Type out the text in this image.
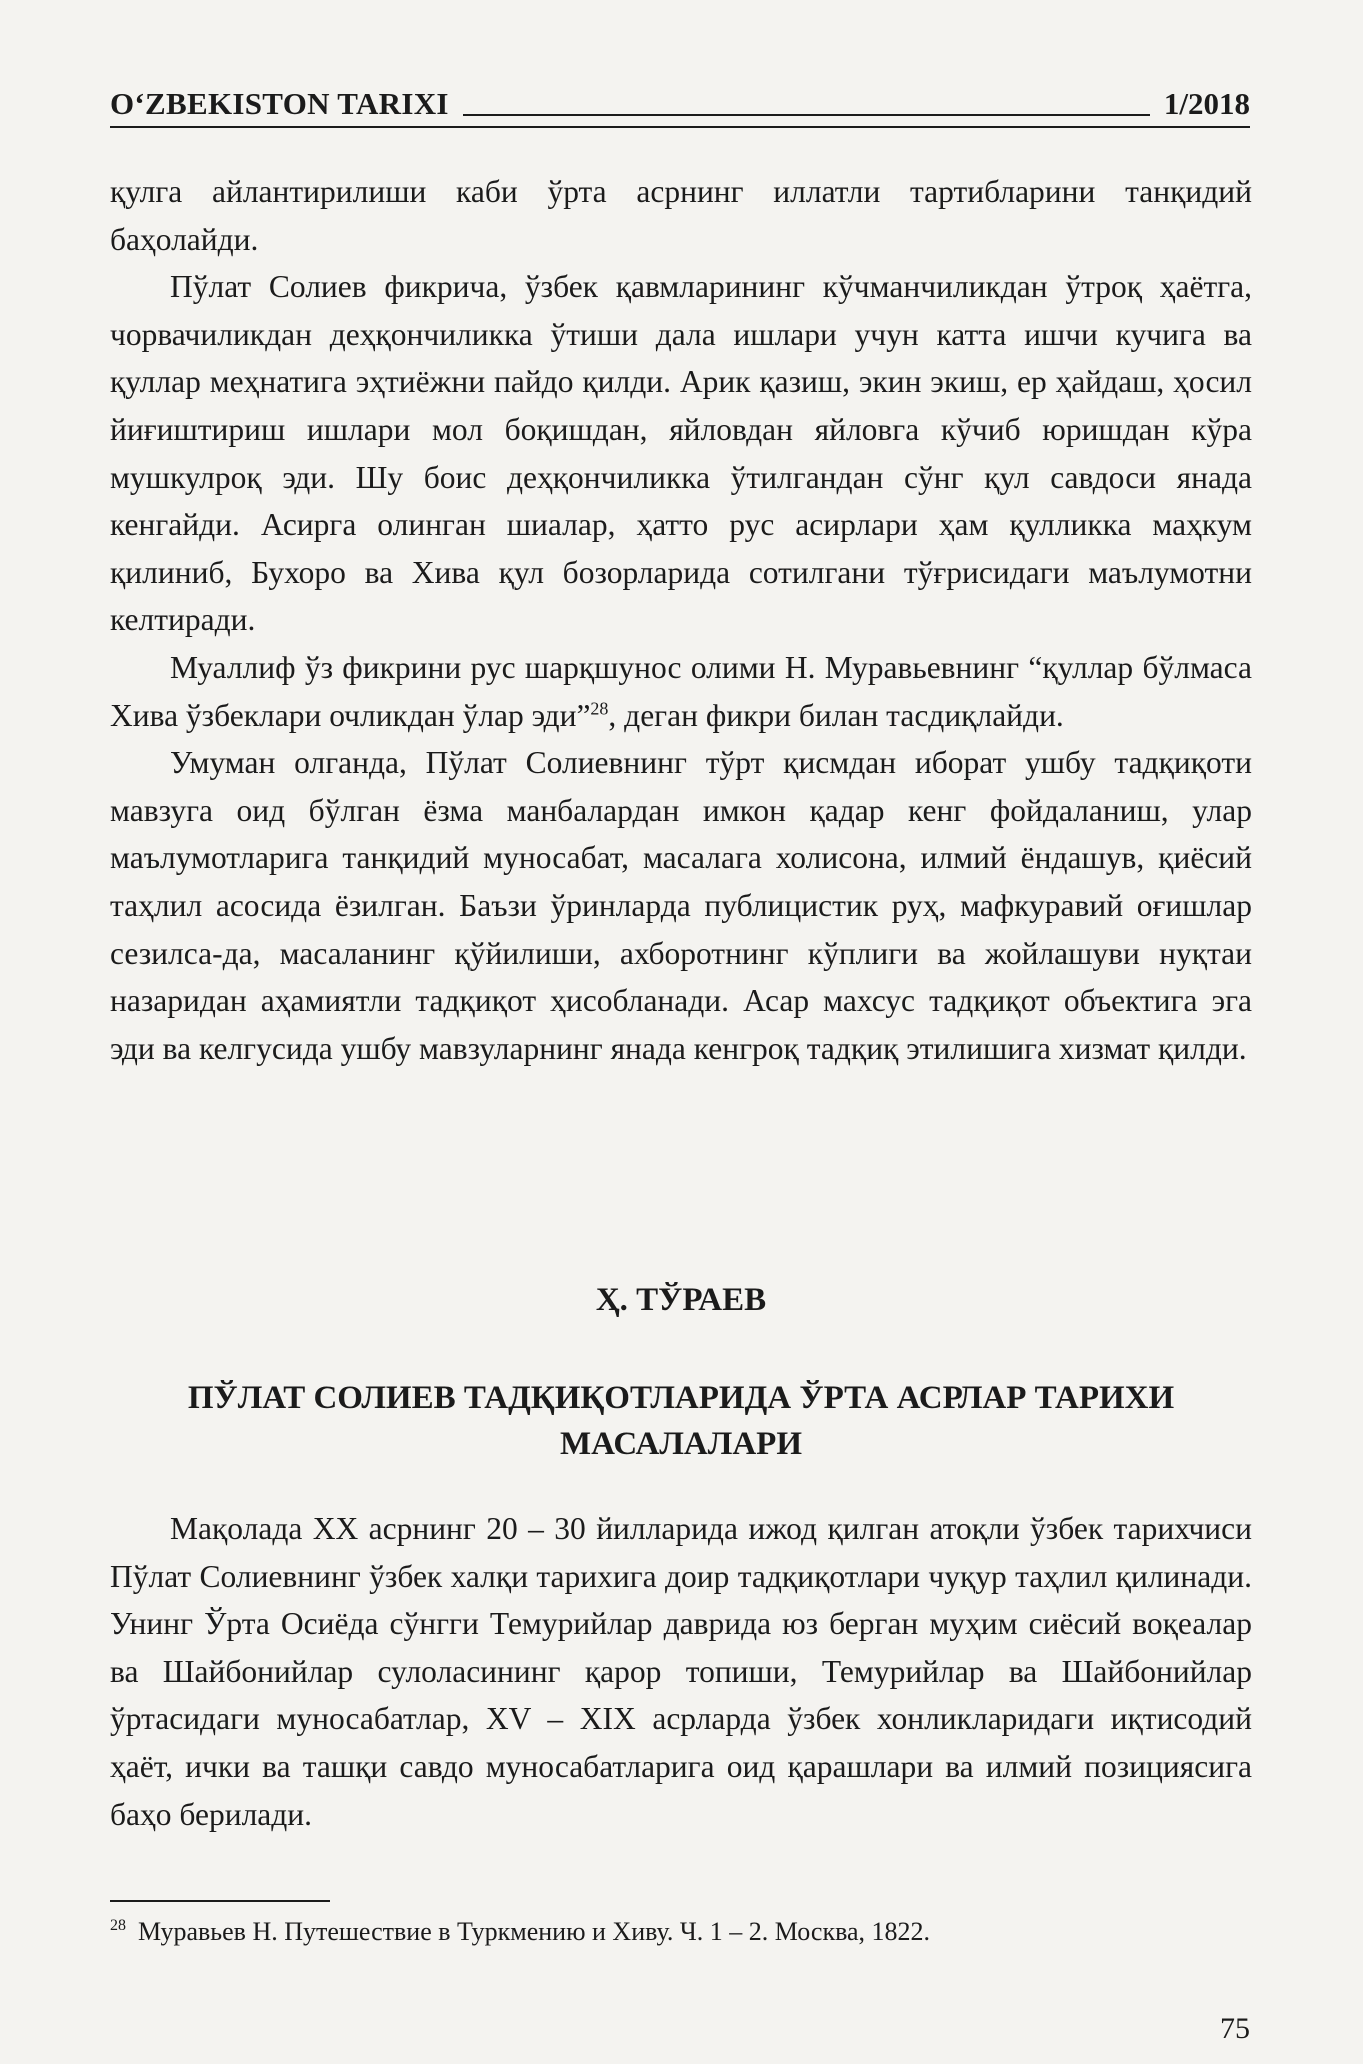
O‘ZBEKISTON TARIXI	1/2018

қулга айлантирилиши каби ўрта асрнинг иллатли тартибларини танқидий баҳолайди.

Пўлат Солиев фикрича, ўзбек қавмларининг кўчманчиликдан ўтроқ ҳаётга, чорвачиликдан деҳқончиликка ўтиши дала ишлари учун катта ишчи кучига ва қуллар меҳнатига эҳтиёжни пайдо қилди. Арик қазиш, экин экиш, ер ҳайдаш, ҳосил йиғиштириш ишлари мол боқишдан, яйловдан яйловга кўчиб юришдан кўра мушкулроқ эди. Шу боис деҳқончиликка ўтилгандан сўнг қул савдоси янада кенгайди. Асирга олинган шиалар, ҳатто рус асирлари ҳам қулликка маҳкум қилиниб, Бухоро ва Хива қул бозорларида сотилгани тўғрисидаги маълумотни келтиради.

Муаллиф ўз фикрини рус шарқшунос олими Н. Муравьевнинг “қуллар бўлмаса Хива ўзбеклари очликдан ўлар эди”$^{28}$, деган фикри билан тасдиқлайди.

Умуман олганда, Пўлат Солиевнинг тўрт қисмдан иборат ушбу тадқиқоти мавзуга оид бўлган ёзма манбалардан имкон қадар кенг фойдаланиш, улар маълумотларига танқидий муносабат, масалага холисона, илмий ёндашув, қиёсий таҳлил асосида ёзилган. Баъзи ўринларда публицистик руҳ, мафкуравий оғишлар сезилса-да, масаланинг қўйилиши, ахборотнинг кўплиги ва жойлашуви нуқтаи назаридан аҳамиятли тадқиқот ҳисобланади. Асар махсус тадқиқот объектига эга эди ва келгусида ушбу мавзуларнинг янада кенгроқ тадқиқ этилишига хизмат қилди.

Ҳ. ТЎРАЕВ
ПЎЛАТ СОЛИЕВ ТАДҚИҚОТЛАРИДА ЎРТА АСРЛАР ТАРИХИ МАСАЛАЛАРИ

Мақолада XX асрнинг 20 – 30 йилларида ижод қилган атоқли ўзбек тарихчиси Пўлат Солиевнинг ўзбек халқи тарихига доир тадқиқотлари чуқур таҳлил қилинади. Унинг Ўрта Осиёда сўнгги Темурийлар даврида юз берган муҳим сиёсий воқеалар ва Шайбонийлар сулоласининг қарор топиши, Темурийлар ва Шайбонийлар ўртасидаги муносабатлар, XV – XIX асрларда ўзбек хонликларидаги иқтисодий ҳаёт, ички ва ташқи савдо муносабатларига оид қарашлари ва илмий позициясига баҳо берилади.

$^{28}$ Муравьев Н. Путешествие в Туркмению и Хиву. Ч. 1 – 2. Москва, 1822.
75
